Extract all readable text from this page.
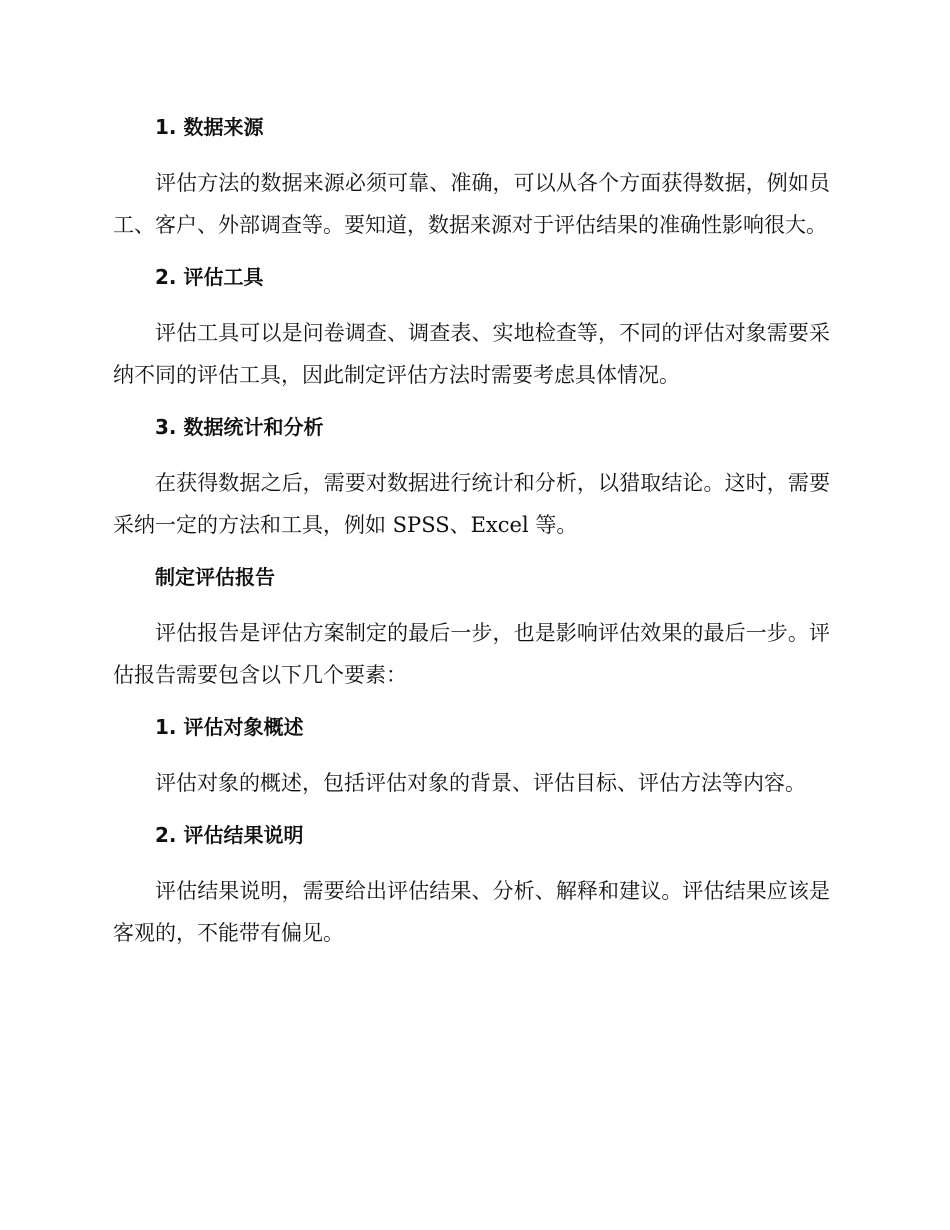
1. 数据来源

评估方法的数据来源必须可靠、准确，可以从各个方面获得数据，例如员工、客户、外部调查等。要知道，数据来源对于评估结果的准确性影响很大。

2. 评估工具

评估工具可以是问卷调查、调查表、实地检查等，不同的评估对象需要采纳不同的评估工具，因此制定评估方法时需要考虑具体情况。

3. 数据统计和分析

在获得数据之后，需要对数据进行统计和分析，以猎取结论。这时，需要采纳一定的方法和工具，例如 SPSS、Excel 等。

制定评估报告

评估报告是评估方案制定的最后一步，也是影响评估效果的最后一步。评估报告需要包含以下几个要素：

1. 评估对象概述

评估对象的概述，包括评估对象的背景、评估目标、评估方法等内容。

2. 评估结果说明

评估结果说明，需要给出评估结果、分析、解释和建议。评估结果应该是客观的，不能带有偏见。
